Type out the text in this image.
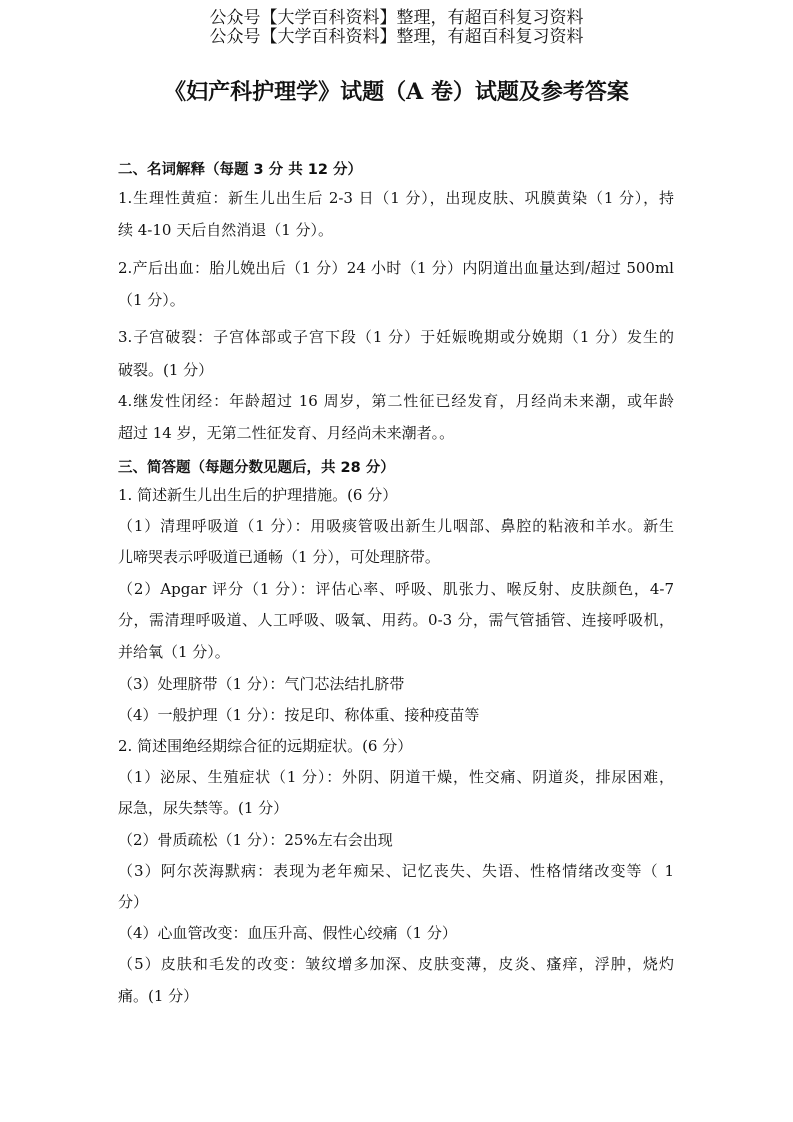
公众号【大学百科资料】整理，有超百科复习资料
公众号【大学百科资料】整理，有超百科复习资料
《妇产科护理学》试题（A 卷）试题及参考答案
二、名词解释（每题 3 分 共 12 分）
1.生理性黄疸：新生儿出生后 2-3 日（1 分），出现皮肤、巩膜黄染（1 分），持
续 4-10 天后自然消退（1 分）。
2.产后出血：胎儿娩出后（1 分）24 小时（1 分）内阴道出血量达到/超过 500ml
（1 分）。
3.子宫破裂：子宫体部或子宫下段（1 分）于妊娠晚期或分娩期（1 分）发生的
破裂。(1 分）
4.继发性闭经：年龄超过 16 周岁，第二性征已经发育，月经尚未来潮，或年龄
超过 14 岁，无第二性征发育、月经尚未来潮者。。
三、简答题（每题分数见题后，共 28 分）
1. 简述新生儿出生后的护理措施。(6 分）
（1）清理呼吸道（1 分）：用吸痰管吸出新生儿咽部、鼻腔的粘液和羊水。新生
儿啼哭表示呼吸道已通畅（1 分），可处理脐带。
（2）Apgar 评分（1 分）：评估心率、呼吸、肌张力、喉反射、皮肤颜色，4-7
分，需清理呼吸道、人工呼吸、吸氧、用药。0-3 分，需气管插管、连接呼吸机，
并给氧（1 分）。
（3）处理脐带（1 分）：气门芯法结扎脐带
（4）一般护理（1 分）：按足印、称体重、接种疫苗等
2. 简述围绝经期综合征的远期症状。(6 分）
（1）泌尿、生殖症状（1 分）：外阴、阴道干燥，性交痛、阴道炎，排尿困难，
尿急，尿失禁等。(1 分）
（2）骨质疏松（1 分）：25%左右会出现
（3）阿尔茨海默病：表现为老年痴呆、记忆丧失、失语、性格情绪改变等（ 1
分）
（4）心血管改变：血压升高、假性心绞痛（1 分）
（5）皮肤和毛发的改变：皱纹增多加深、皮肤变薄，皮炎、瘙痒，浮肿，烧灼
痛。(1 分）
